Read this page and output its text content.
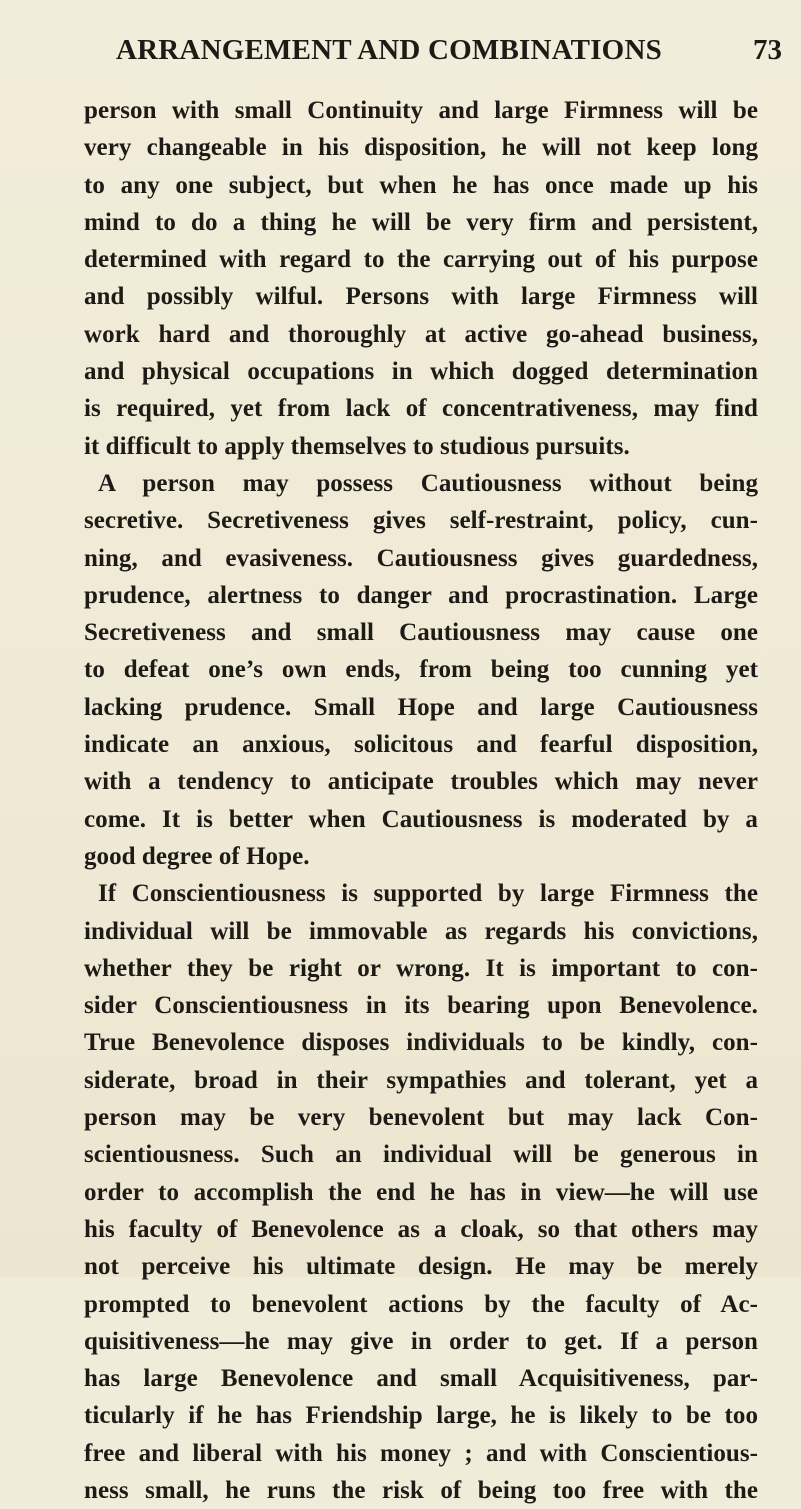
ARRANGEMENT AND COMBINATIONS	73
person with small Continuity and large Firmness will be
very changeable in his disposition, he will not keep long
to any one subject, but when he has once made up his
mind to do a thing he will be very firm and persistent,
determined with regard to the carrying out of his purpose
and possibly wilful. Persons with large Firmness will
work hard and thoroughly at active go-ahead business,
and physical occupations in which dogged determination
is required, yet from lack of concentrativeness, may find
it difficult to apply themselves to studious pursuits.
A person may possess Cautiousness without being
secretive. Secretiveness gives self-restraint, policy, cun-
ning, and evasiveness. Cautiousness gives guardedness,
prudence, alertness to danger and procrastination. Large
Secretiveness and small Cautiousness may cause one
to defeat one’s own ends, from being too cunning yet
lacking prudence. Small Hope and large Cautiousness
indicate an anxious, solicitous and fearful disposition,
with a tendency to anticipate troubles which may never
come. It is better when Cautiousness is moderated by a
good degree of Hope.
If Conscientiousness is supported by large Firmness the
individual will be immovable as regards his convictions,
whether they be right or wrong. It is important to con-
sider Conscientiousness in its bearing upon Benevolence.
True Benevolence disposes individuals to be kindly, con-
siderate, broad in their sympathies and tolerant, yet a
person may be very benevolent but may lack Con-
scientiousness. Such an individual will be generous in
order to accomplish the end he has in view—he will use
his faculty of Benevolence as a cloak, so that others may
not perceive his ultimate design. He may be merely
prompted to benevolent actions by the faculty of Ac-
quisitiveness—he may give in order to get. If a person
has large Benevolence and small Acquisitiveness, par-
ticularly if he has Friendship large, he is likely to be too
free and liberal with his money ; and with Conscientious-
ness small, he runs the risk of being too free with the
